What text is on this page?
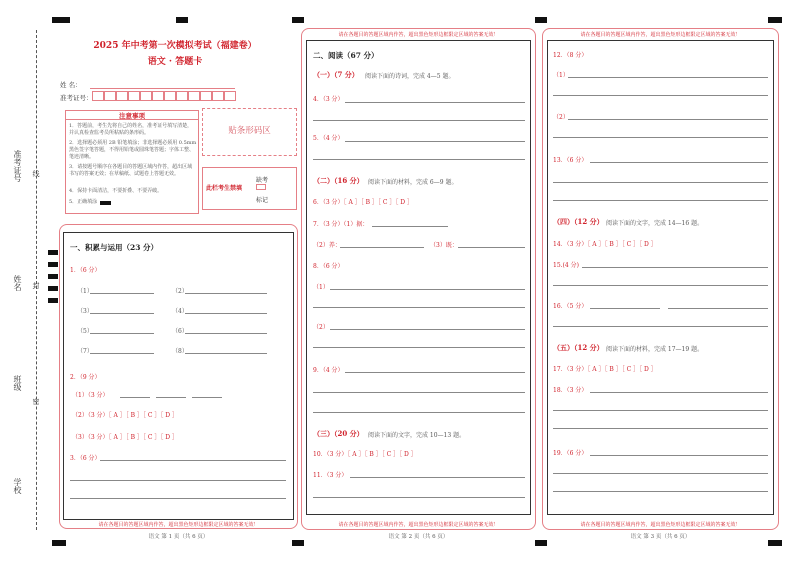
准考证号 线
姓名 封
班级
密
学校
2025 年中考第一次模拟考试（福建卷）
语文 · 答题卡
姓 名：
准考证号：
注意事项
1．答题前，考生先将自己的姓名，准考证号填写清楚，并认真检查监考员所粘贴的条形码。
2．选择题必须用 2B 铅笔填涂；非选择题必须用 0.5mm 黑色签字笔答题，不得用铅笔或圆珠笔答题；字体工整、笔迹清晰。
3．请按题号顺序在各题目的答题区域内作答，超出区域书写的答案无效；在草稿纸、试题卷上答题无效。
4．保持卡面清洁，不要折叠、不要弄破。
5．正确填涂
贴条形码区
此栏考生禁填
缺考
标记
一、积累与运用（23 分）
1．（6 分）
（1）	（2）
（3）	（4）
（5）	（6）
（7）	（8）
2．（9 分）
（1）（3 分）
（2）（3 分）［ A ］［ B ］［ C ］［ D ］
（3）（3 分）［ A ］［ B ］［ C ］［ D ］
3．（6 分）
请在各题目的答题区域内作答，超出黑色矩形边框限定区域的答案无效！
语文 第 1 页（共 6 页）
请在各题目的答题区域内作答，超出黑色矩形边框限定区域的答案无效！
二、阅读（67 分）
（一）（7 分） 阅读下面的诗词，完成 4—5 题。
4．（3 分）
5．（4 分）
（二）（16 分） 阅读下面的材料，完成 6—9 题。
6．（3 分）［ A ］［ B ］［ C ］［ D ］
7．（3 分）（1）据：
（2）养：	（3）既：
8．（6 分）
（1）
（2）
9．（4 分）
（三）（20 分） 阅读下面的文字，完成 10—13 题。
10．（3 分）［ A ］［ B ］［ C ］［ D ］
11．（3 分）
请在各题目的答题区域内作答，超出黑色矩形边框限定区域的答案无效！
语文 第 2 页（共 6 页）
请在各题目的答题区域内作答，超出黑色矩形边框限定区域的答案无效！
12．（8 分）
（1）
（2）
13．（6 分）
（四）（12 分） 阅读下面的文字，完成 14—16 题。
14．（3 分）［ A ］［ B ］［ C ］［ D ］
15.(4 分)
16．（5 分）
（五）（12 分） 阅读下面的材料，完成 17—19 题。
17．（3 分）［ A ］［ B ］［ C ］［ D ］
18．（3 分）
19．（6 分）
请在各题目的答题区域内作答，超出黑色矩形边框限定区域的答案无效！
语文 第 3 页（共 6 页）
